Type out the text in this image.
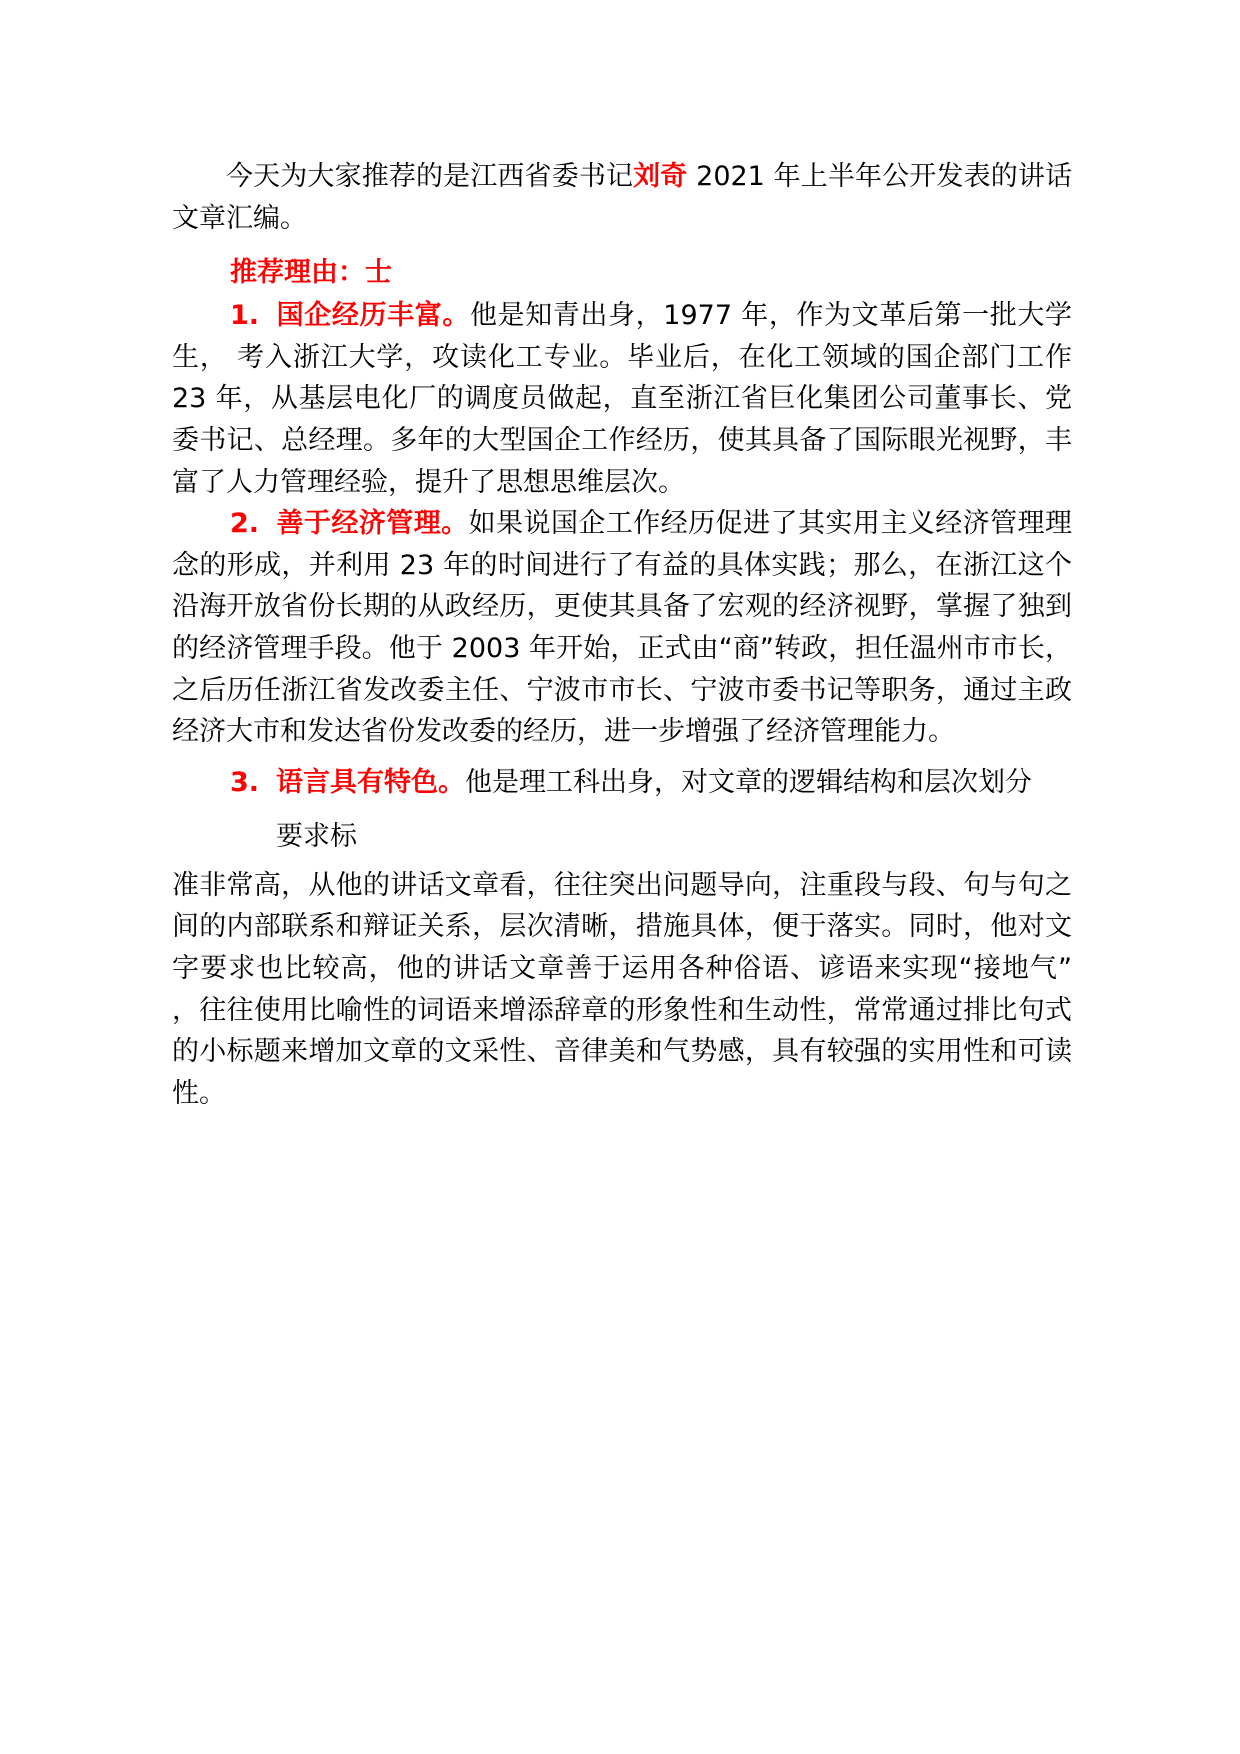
今天为大家推荐的是江西省委书记刘奇 2021 年上半年公开发表的讲话文章汇编。

推荐理由：士

1. 国企经历丰富。他是知青出身，1977 年，作为文革后第一批大学生， 考入浙江大学，攻读化工专业。毕业后，在化工领域的国企部门工作 23 年，从基层电化厂的调度员做起，直至浙江省巨化集团公司董事长、党委书记、总经理。多年的大型国企工作经历，使其具备了国际眼光视野，丰富了人力管理经验，提升了思想思维层次。

2. 善于经济管理。如果说国企工作经历促进了其实用主义经济管理理念的形成，并利用 23 年的时间进行了有益的具体实践；那么，在浙江这个沿海开放省份长期的从政经历，更使其具备了宏观的经济视野，掌握了独到的经济管理手段。他于 2003 年开始，正式由“商”转政，担任温州市市长，之后历任浙江省发改委主任、宁波市市长、宁波市委书记等职务，通过主政经济大市和发达省份发改委的经历，进一步增强了经济管理能力。

3. 语言具有特色。他是理工科出身，对文章的逻辑结构和层次划分

要求标

准非常高，从他的讲话文章看，往往突出问题导向，注重段与段、句与句之间的内部联系和辩证关系，层次清晰，措施具体，便于落实。同时，他对文字要求也比较高，他的讲话文章善于运用各种俗语、谚语来实现“接地气” ，往往使用比喻性的词语来增添辞章的形象性和生动性，常常通过排比句式的小标题来增加文章的文采性、音律美和气势感，具有较强的实用性和可读性。
